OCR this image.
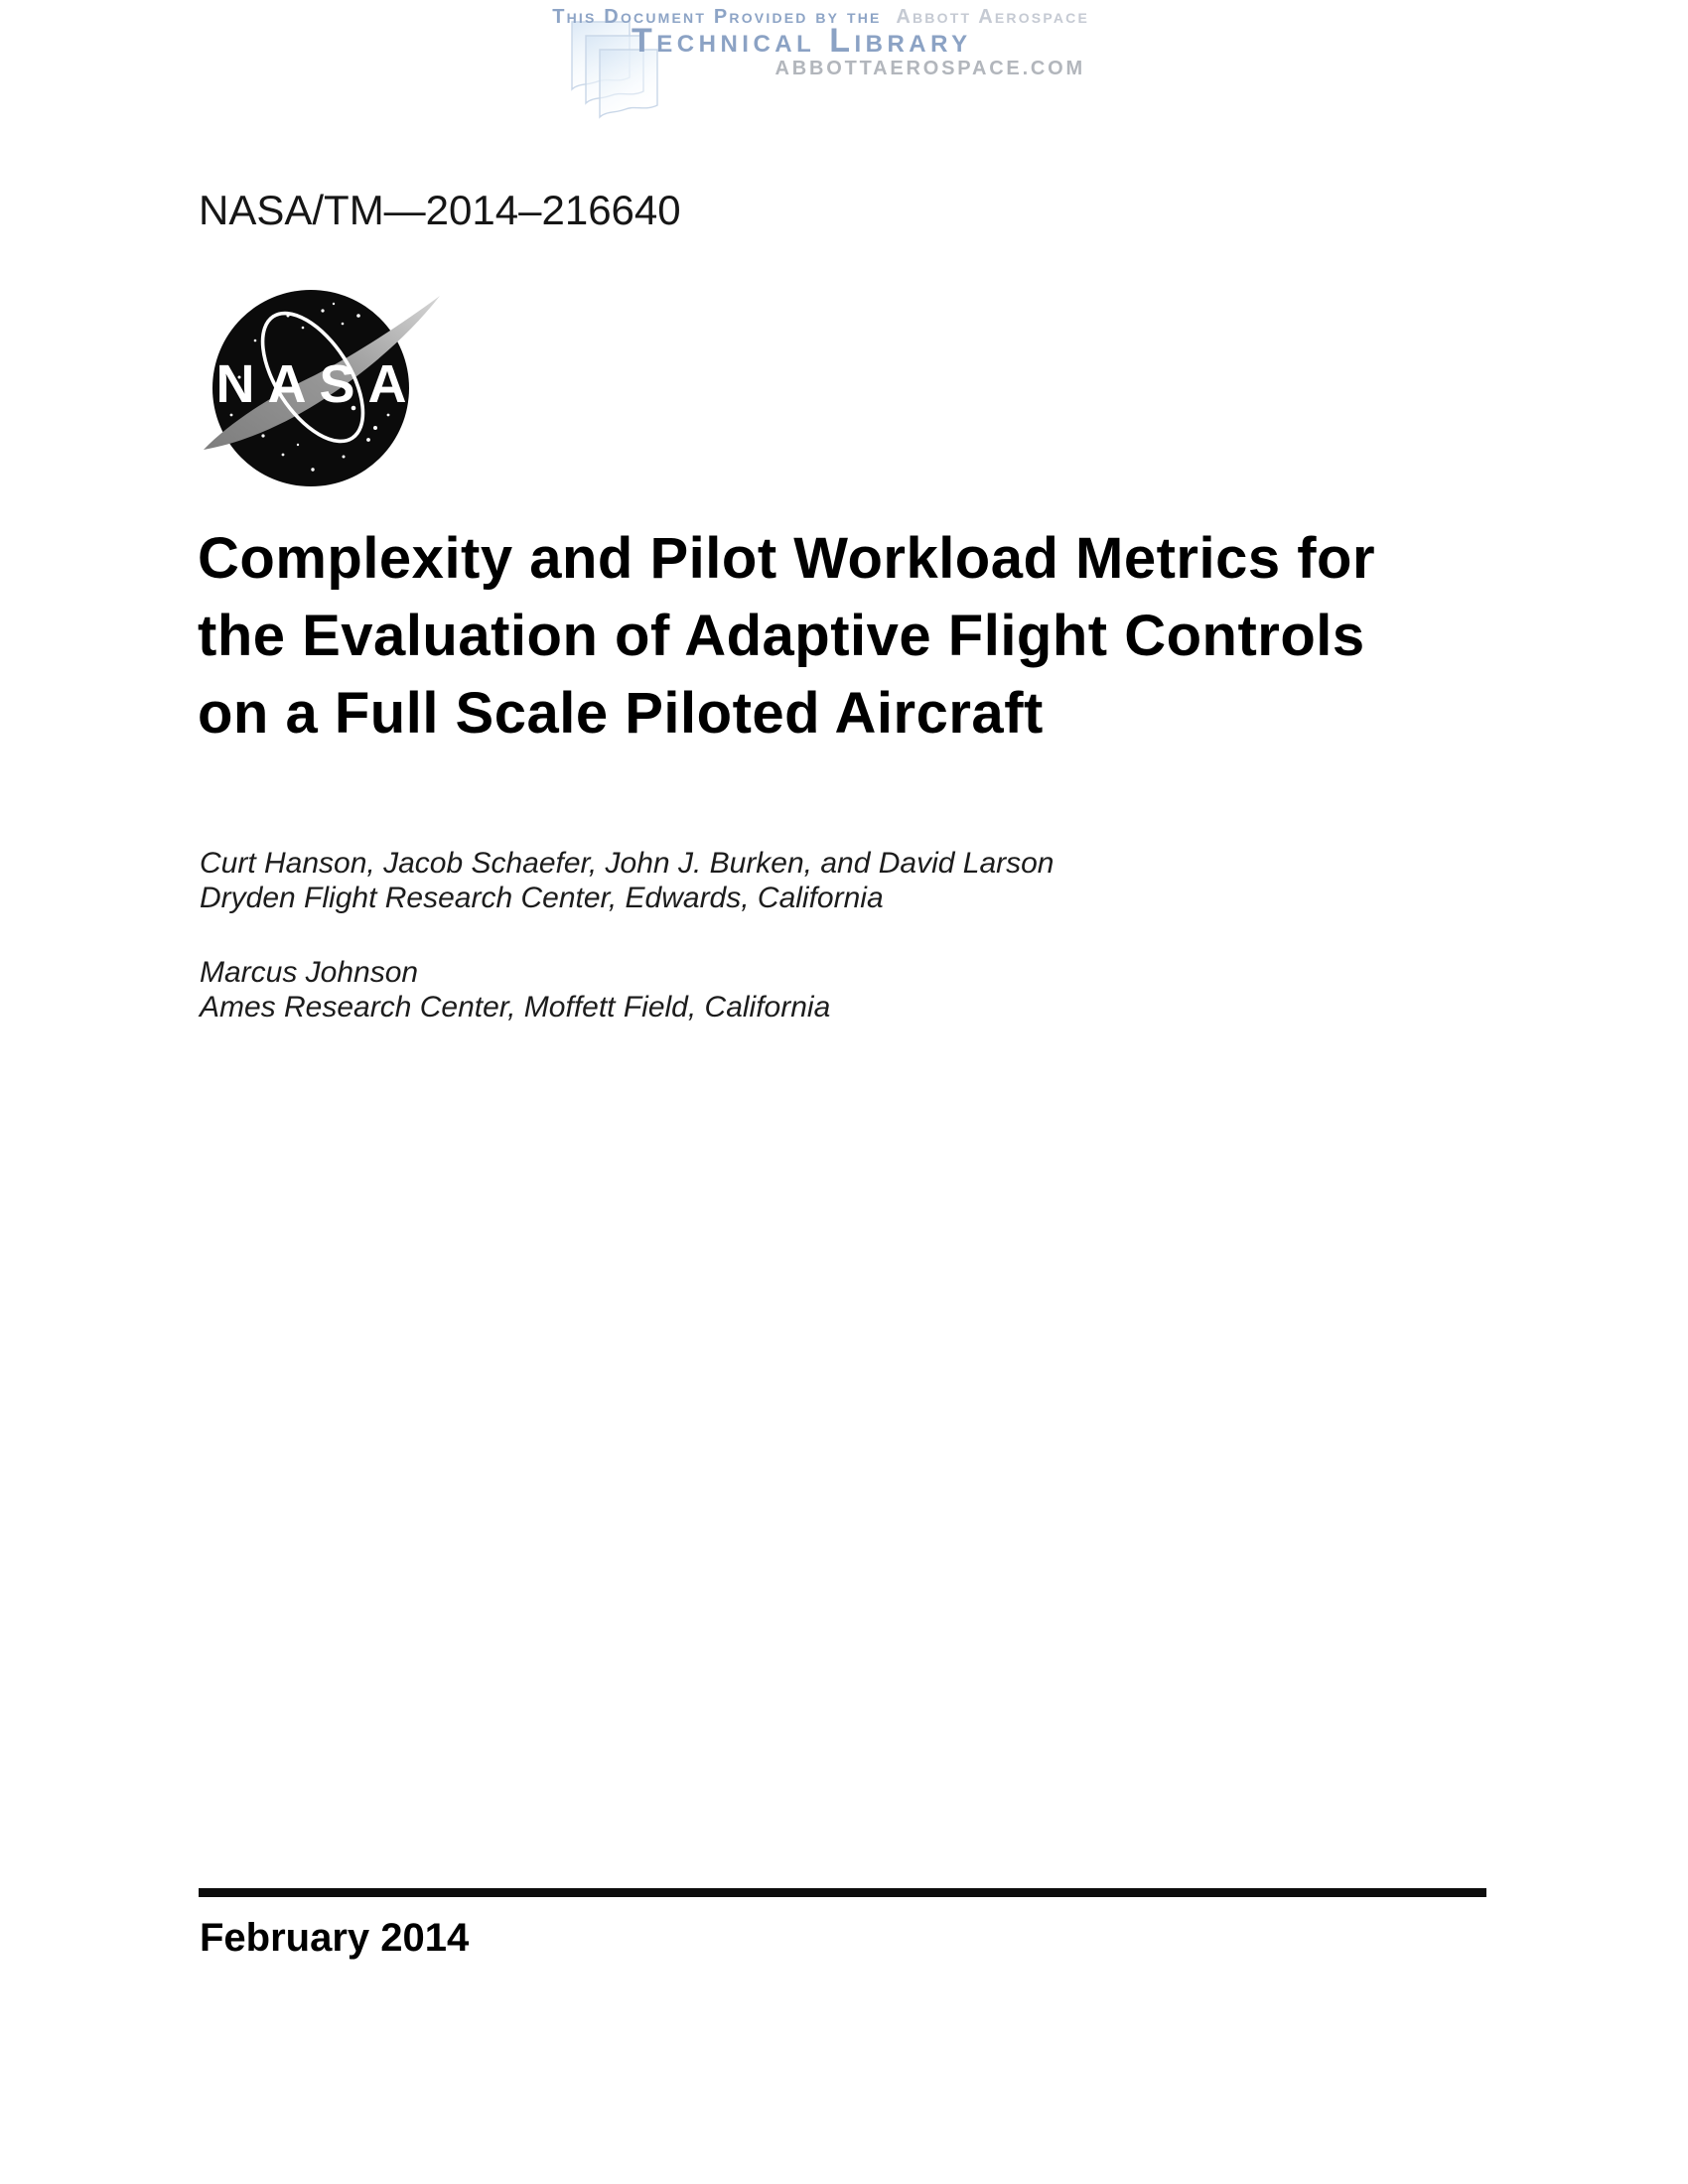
This Document Provided by the Abbott Aerospace
Technical Library
ABBOTTAEROSPACE.COM
NASA/TM—2014–216640
NASA
Complexity and Pilot Workload Metrics for
the Evaluation of Adaptive Flight Controls
on a Full Scale Piloted Aircraft
Curt Hanson, Jacob Schaefer, John J. Burken, and David Larson
Dryden Flight Research Center, Edwards, California
Marcus Johnson
Ames Research Center, Moffett Field, California
February 2014
